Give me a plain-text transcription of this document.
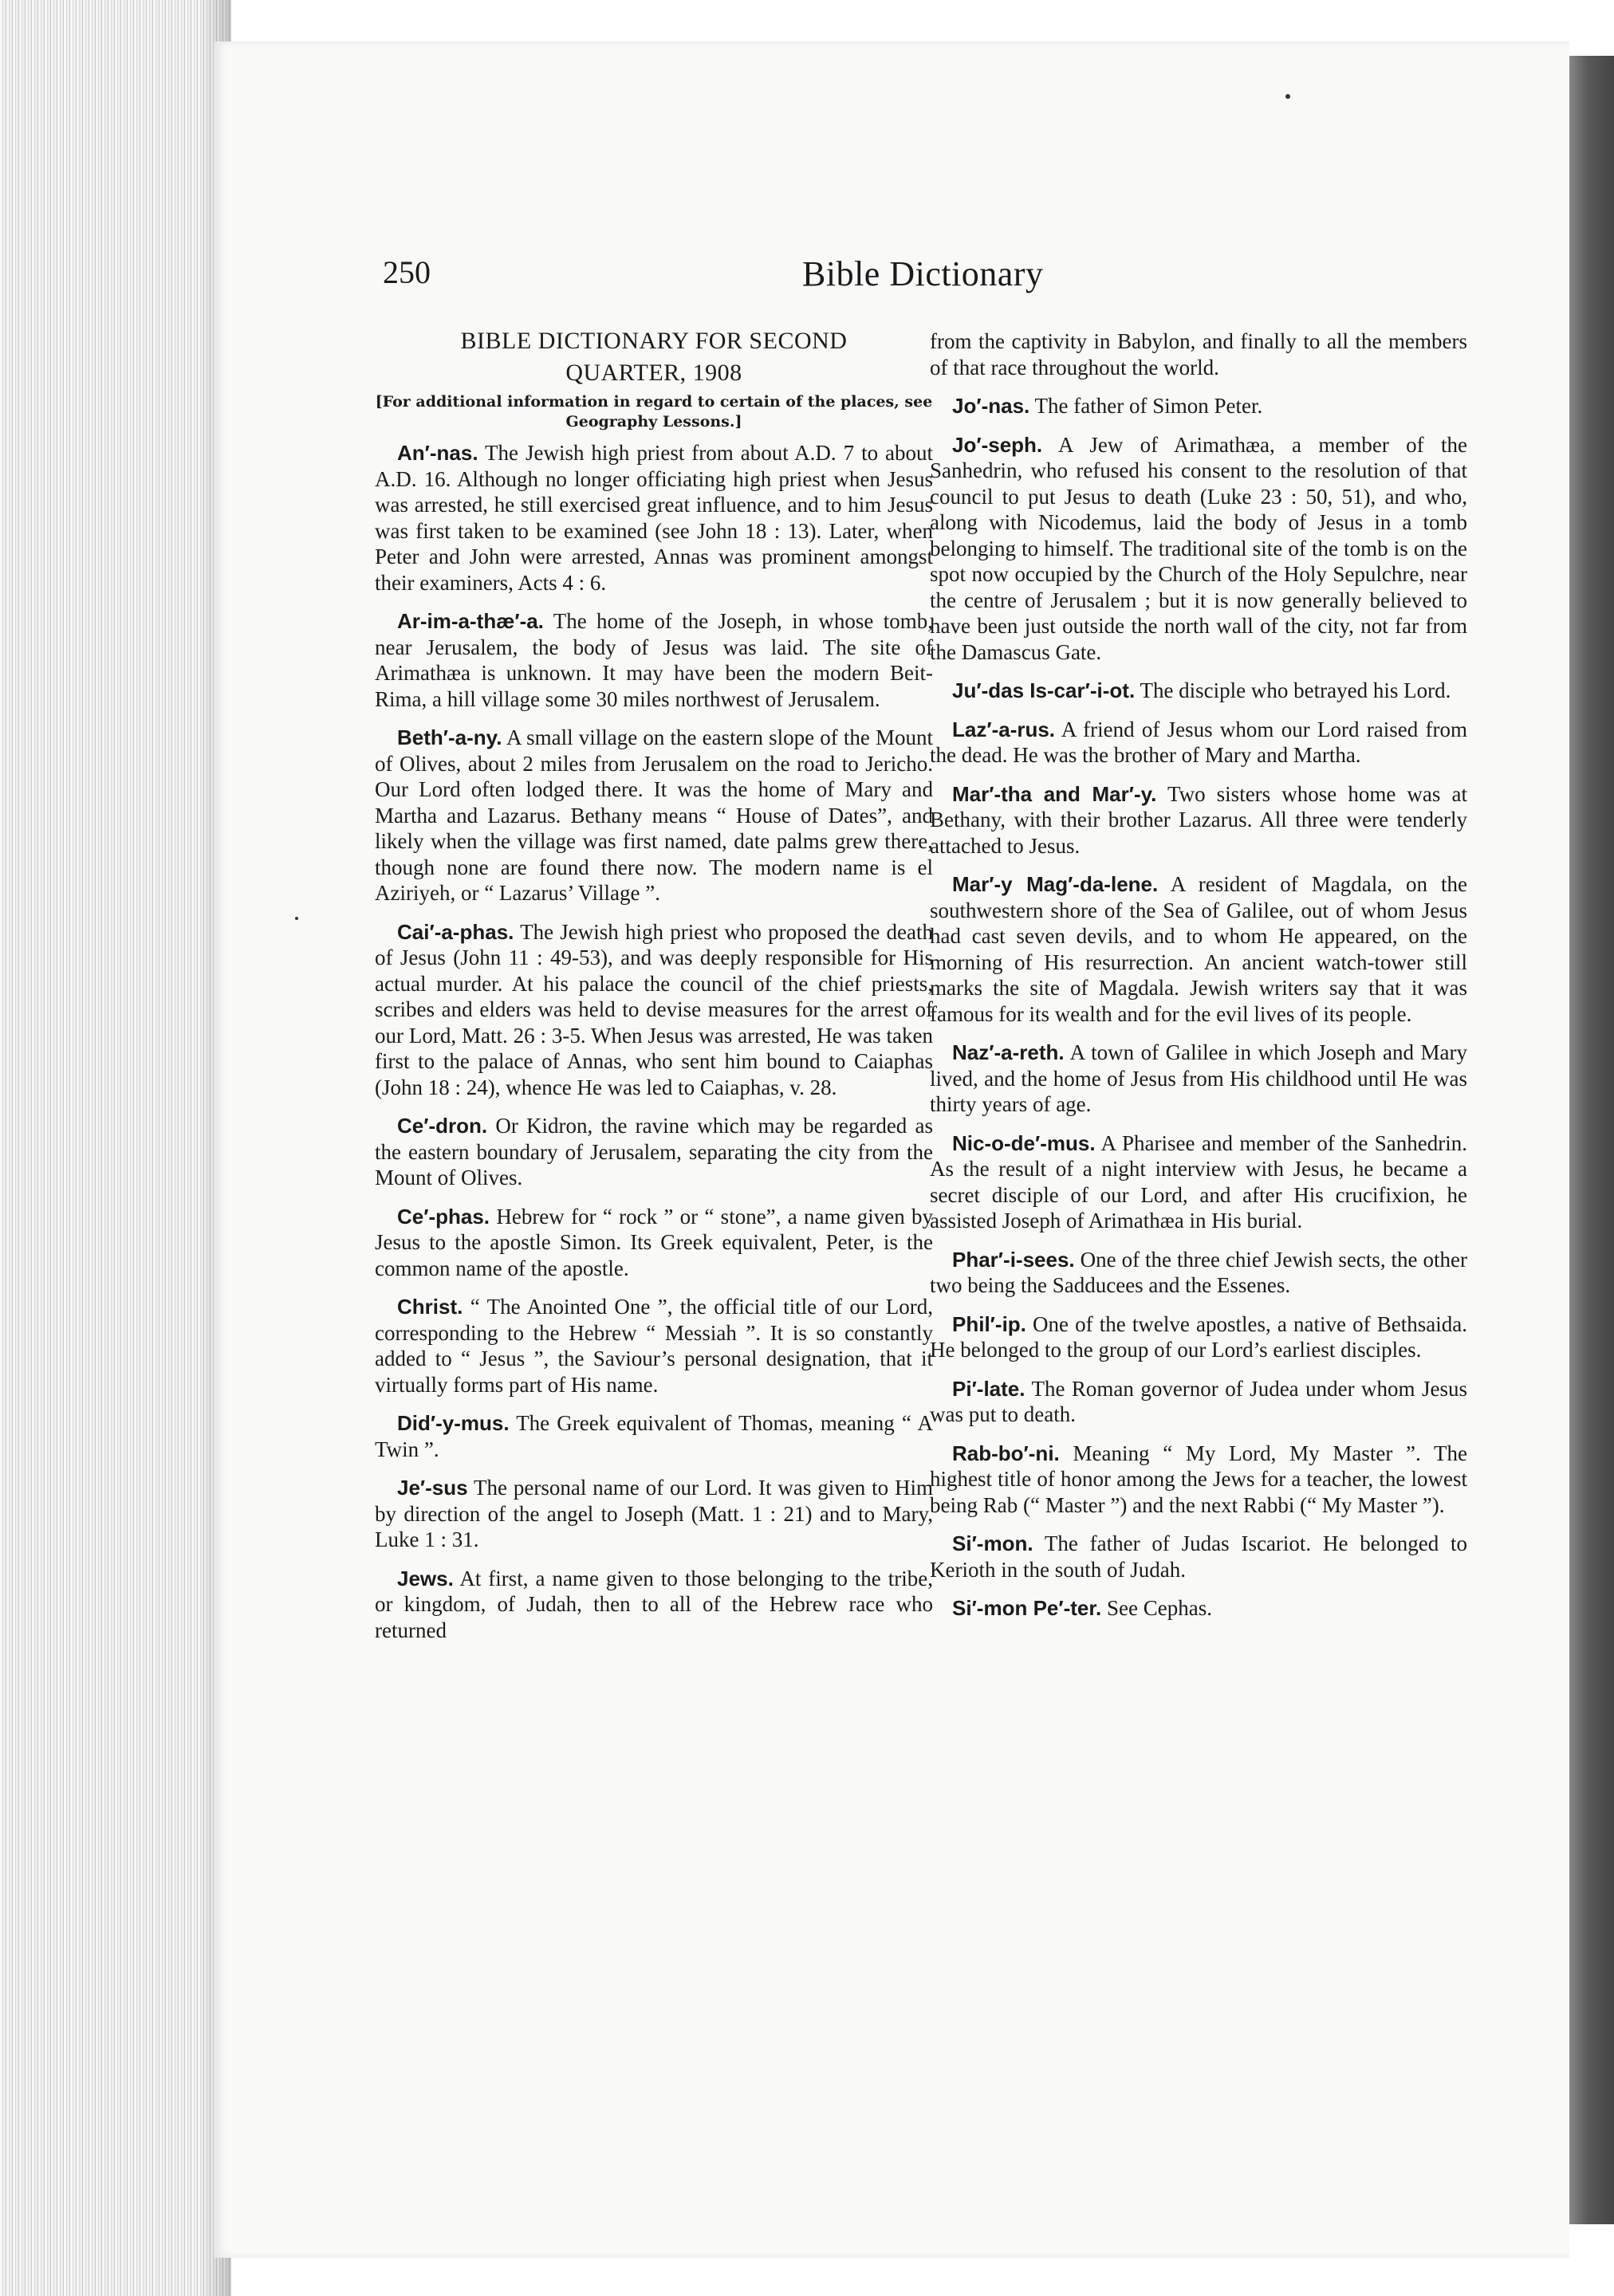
250	Bible Dictionary
BIBLE DICTIONARY FOR SECOND
QUARTER, 1908
[For additional information in regard to certain of the places, see Geography Lessons.]

An′-nas. The Jewish high priest from about A.D. 7 to about A.D. 16. Although no longer officiating high priest when Jesus was arrested, he still exercised great influence, and to him Jesus was first taken to be examined (see John 18 : 13). Later, when Peter and John were arrested, Annas was prominent amongst their examiners, Acts 4 : 6.

Ar-im-a-thæ′-a. The home of the Joseph, in whose tomb, near Jerusalem, the body of Jesus was laid. The site of Arimathæa is unknown. It may have been the modern Beit-Rima, a hill village some 30 miles northwest of Jerusalem.

Beth′-a-ny. A small village on the eastern slope of the Mount of Olives, about 2 miles from Jerusalem on the road to Jericho. Our Lord often lodged there. It was the home of Mary and Martha and Lazarus. Bethany means “ House of Dates”, and likely when the village was first named, date palms grew there, though none are found there now. The modern name is el Aziriyeh, or “ Lazarus’ Village ”.

Cai′-a-phas. The Jewish high priest who proposed the death of Jesus (John 11 : 49-53), and was deeply responsible for His actual murder. At his palace the council of the chief priests, scribes and elders was held to devise measures for the arrest of our Lord, Matt. 26 : 3-5. When Jesus was arrested, He was taken first to the palace of Annas, who sent him bound to Caiaphas (John 18 : 24), whence He was led to Caiaphas, v. 28.

Ce′-dron. Or Kidron, the ravine which may be regarded as the eastern boundary of Jerusalem, separating the city from the Mount of Olives.

Ce′-phas. Hebrew for “ rock ” or “ stone”, a name given by Jesus to the apostle Simon. Its Greek equivalent, Peter, is the common name of the apostle.

Christ. “ The Anointed One ”, the official title of our Lord, corresponding to the Hebrew “ Messiah ”. It is so constantly added to “ Jesus ”, the Saviour’s personal designation, that it virtually forms part of His name.

Did′-y-mus. The Greek equivalent of Thomas, meaning “ A Twin ”.

Je′-sus The personal name of our Lord. It was given to Him by direction of the angel to Joseph (Matt. 1 : 21) and to Mary, Luke 1 : 31.

Jews. At first, a name given to those belonging to the tribe, or kingdom, of Judah, then to all of the Hebrew race who returned

from the captivity in Babylon, and finally to all the members of that race throughout the world.

Jo′-nas. The father of Simon Peter.

Jo′-seph. A Jew of Arimathæa, a member of the Sanhedrin, who refused his consent to the resolution of that council to put Jesus to death (Luke 23 : 50, 51), and who, along with Nicodemus, laid the body of Jesus in a tomb belonging to himself. The traditional site of the tomb is on the spot now occupied by the Church of the Holy Sepulchre, near the centre of Jerusalem ; but it is now generally believed to have been just outside the north wall of the city, not far from the Damascus Gate.

Ju′-das Is-car′-i-ot. The disciple who betrayed his Lord.

Laz′-a-rus. A friend of Jesus whom our Lord raised from the dead. He was the brother of Mary and Martha.

Mar′-tha and Mar′-y. Two sisters whose home was at Bethany, with their brother Lazarus. All three were tenderly attached to Jesus.

Mar′-y Mag′-da-lene. A resident of Magdala, on the southwestern shore of the Sea of Galilee, out of whom Jesus had cast seven devils, and to whom He appeared, on the morning of His resurrection. An ancient watch-tower still marks the site of Magdala. Jewish writers say that it was famous for its wealth and for the evil lives of its people.

Naz′-a-reth. A town of Galilee in which Joseph and Mary lived, and the home of Jesus from His childhood until He was thirty years of age.

Nic-o-de′-mus. A Pharisee and member of the Sanhedrin. As the result of a night interview with Jesus, he became a secret disciple of our Lord, and after His crucifixion, he assisted Joseph of Arimathæa in His burial.

Phar′-i-sees. One of the three chief Jewish sects, the other two being the Sadducees and the Essenes.

Phil′-ip. One of the twelve apostles, a native of Bethsaida. He belonged to the group of our Lord’s earliest disciples.

Pi′-late. The Roman governor of Judea under whom Jesus was put to death.

Rab-bo′-ni. Meaning “ My Lord, My Master ”. The highest title of honor among the Jews for a teacher, the lowest being Rab (“ Master ”) and the next Rabbi (“ My Master ”).

Si′-mon. The father of Judas Iscariot. He belonged to Kerioth in the south of Judah.

Si′-mon Pe′-ter. See Cephas.
